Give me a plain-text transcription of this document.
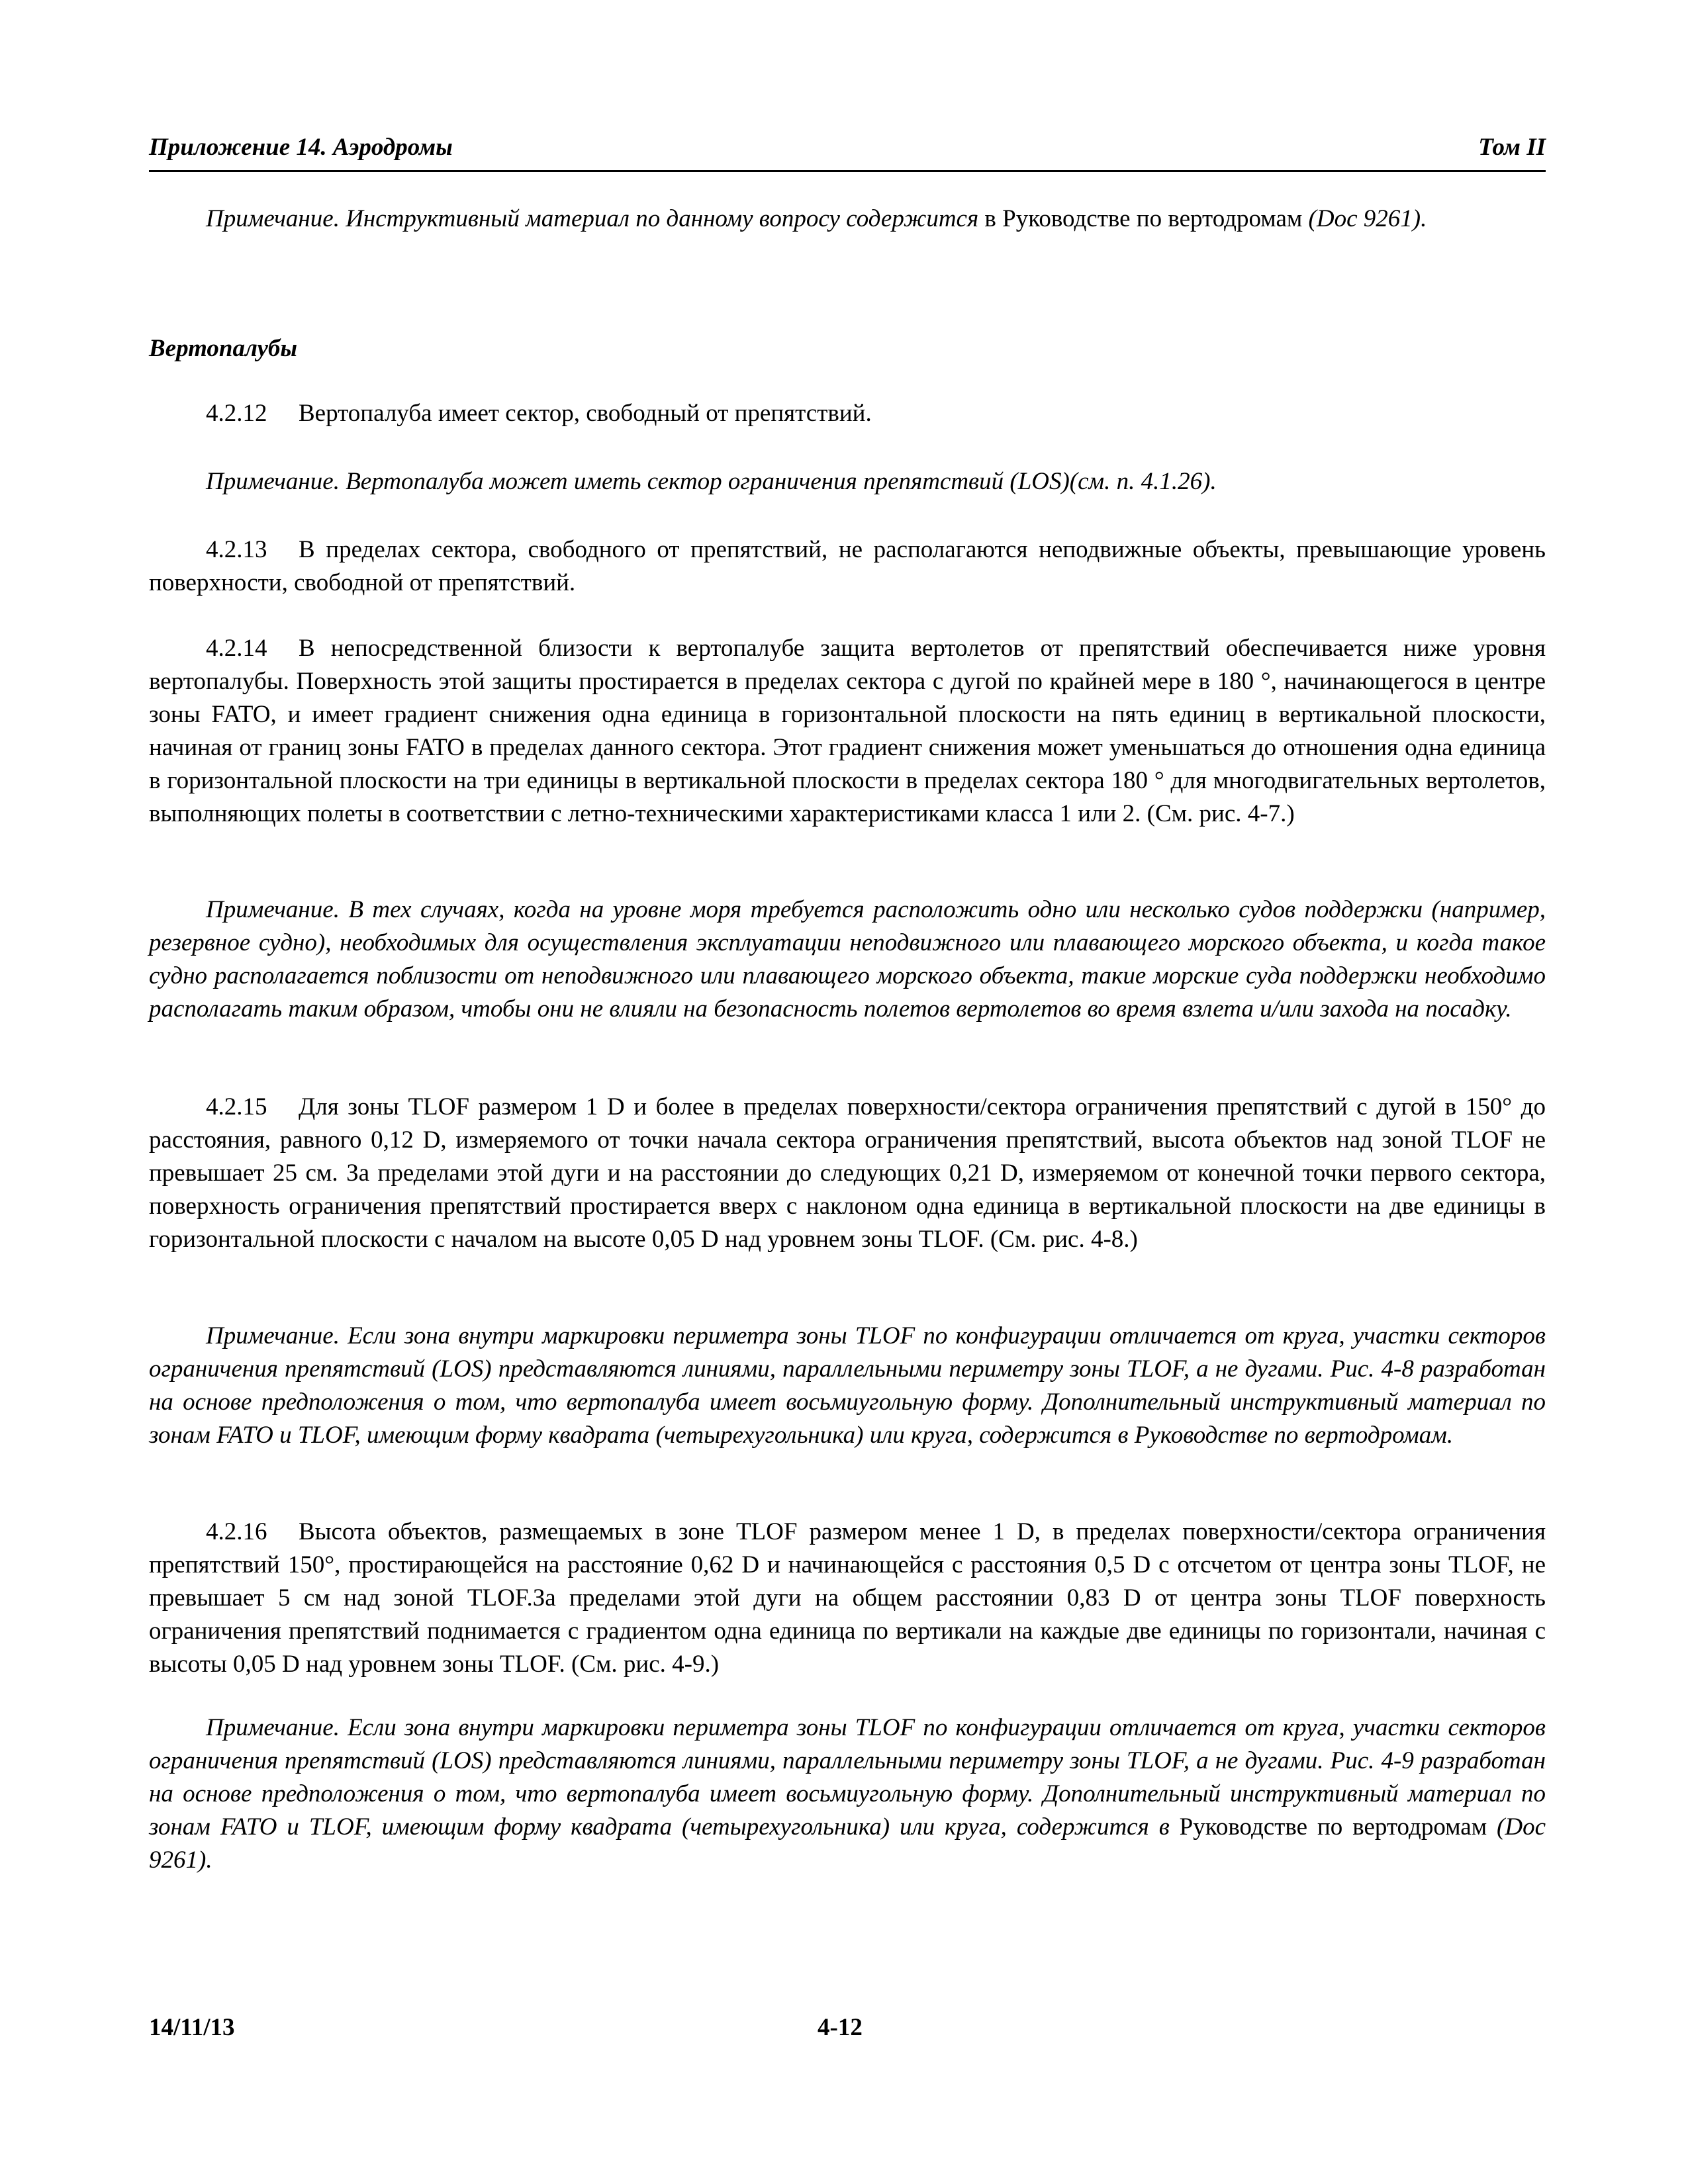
Приложение 14. Аэродромы	Том II
Примечание. Инструктивный материал по данному вопросу содержится в Руководстве по вертодромам (Doc 9261).
Вертопалубы
4.2.12 Вертопалуба имеет сектор, свободный от препятствий.
Примечание. Вертопалуба может иметь сектор ограничения препятствий (LOS)(см. п. 4.1.26).
4.2.13 В пределах сектора, свободного от препятствий, не располагаются неподвижные объекты, превышающие уровень поверхности, свободной от препятствий.
4.2.14 В непосредственной близости к вертопалубе защита вертолетов от препятствий обеспечивается ниже уровня вертопалубы. Поверхность этой защиты простирается в пределах сектора с дугой по крайней мере в 180 °, начинающегося в центре зоны FATO, и имеет градиент снижения одна единица в горизонтальной плоскости на пять единиц в вертикальной плоскости, начиная от границ зоны FATO в пределах данного сектора. Этот градиент снижения может уменьшаться до отношения одна единица в горизонтальной плоскости на три единицы в вертикальной плоскости в пределах сектора 180 ° для многодвигательных вертолетов, выполняющих полеты в соответствии с летно-техническими характеристиками класса 1 или 2. (См. рис. 4-7.)
Примечание. В тех случаях, когда на уровне моря требуется расположить одно или несколько судов поддержки (например, резервное судно), необходимых для осуществления эксплуатации неподвижного или плавающего морского объекта, и когда такое судно располагается поблизости от неподвижного или плавающего морского объекта, такие морские суда поддержки необходимо располагать таким образом, чтобы они не влияли на безопасность полетов вертолетов во время взлета и/или захода на посадку.
4.2.15 Для зоны TLOF размером 1 D и более в пределах поверхности/сектора ограничения препятствий с дугой в 150° до расстояния, равного 0,12 D, измеряемого от точки начала сектора ограничения препятствий, высота объектов над зоной TLOF не превышает 25 см. За пределами этой дуги и на расстоянии до следующих 0,21 D, измеряемом от конечной точки первого сектора, поверхность ограничения препятствий простирается вверх с наклоном одна единица в вертикальной плоскости на две единицы в горизонтальной плоскости с началом на высоте 0,05 D над уровнем зоны TLOF. (См. рис. 4-8.)
Примечание. Если зона внутри маркировки периметра зоны TLOF по конфигурации отличается от круга, участки секторов ограничения препятствий (LOS) представляются линиями, параллельными периметру зоны TLOF, а не дугами. Рис. 4-8 разработан на основе предположения о том, что вертопалуба имеет восьмиугольную форму. Дополнительный инструктивный материал по зонам FATO и TLOF, имеющим форму квадрата (четырехугольника) или круга, содержится в Руководстве по вертодромам.
4.2.16 Высота объектов, размещаемых в зоне TLOF размером менее 1 D, в пределах поверхности/сектора ограничения препятствий 150°, простирающейся на расстояние 0,62 D и начинающейся с расстояния 0,5 D с отсчетом от центра зоны TLOF, не превышает 5 см над зоной TLOF.За пределами этой дуги на общем расстоянии 0,83 D от центра зоны TLOF поверхность ограничения препятствий поднимается с градиентом одна единица по вертикали на каждые две единицы по горизонтали, начиная с высоты 0,05 D над уровнем зоны TLOF. (См. рис. 4-9.)
Примечание. Если зона внутри маркировки периметра зоны TLOF по конфигурации отличается от круга, участки секторов ограничения препятствий (LOS) представляются линиями, параллельными периметру зоны TLOF, а не дугами. Рис. 4-9 разработан на основе предположения о том, что вертопалуба имеет восьмиугольную форму. Дополнительный инструктивный материал по зонам FATO и TLOF, имеющим форму квадрата (четырехугольника) или круга, содержится в Руководстве по вертодромам (Doc 9261).
14/11/13	4-12
